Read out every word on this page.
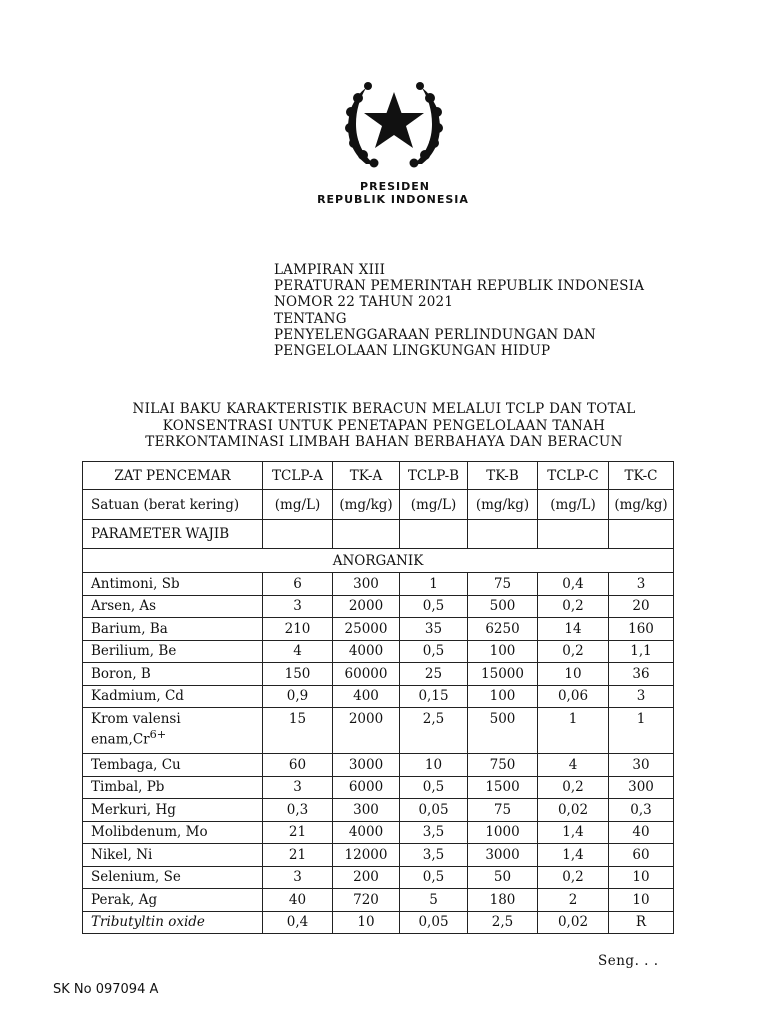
PRESIDEN
REPUBLIK INDONESIA
LAMPIRAN XIII
PERATURAN PEMERINTAH REPUBLIK INDONESIA
NOMOR 22 TAHUN 2021
TENTANG
PENYELENGGARAAN PERLINDUNGAN DAN
PENGELOLAAN LINGKUNGAN HIDUP
NILAI BAKU KARAKTERISTIK BERACUN MELALUI TCLP DAN TOTAL
KONSENTRASI UNTUK PENETAPAN PENGELOLAAN TANAH
TERKONTAMINASI LIMBAH BAHAN BERBAHAYA DAN BERACUN
ZAT PENCEMAR	TCLP-A	TK-A	TCLP-B	TK-B	TCLP-C	TK-C
Satuan (berat kering)	(mg/L)	(mg/kg)	(mg/L)	(mg/kg)	(mg/L)	(mg/kg)
PARAMETER WAJIB						
ANORGANIK						
Antimoni, Sb	6	300	1	75	0,4	3
Arsen, As	3	2000	0,5	500	0,2	20
Barium, Ba	210	25000	35	6250	14	160
Berilium, Be	4	4000	0,5	100	0,2	1,1
Boron, B	150	60000	25	15000	10	36
Kadmium, Cd	0,9	400	0,15	100	0,06	3
Krom valensi $enam,Cr^{6+}$	15	2000	2,5	500	1	1
Tembaga, Cu	60	3000	10	750	4	30
Timbal, Pb	3	6000	0,5	1500	0,2	300
Merkuri, Hg	0,3	300	0,05	75	0,02	0,3
Molibdenum, Mo	21	4000	3,5	1000	1,4	40
Nikel, Ni	21	12000	3,5	3000	1,4	60
Selenium, Se	3	200	0,5	50	0,2	10
Perak, Ag	40	720	5	180	2	10
Tributyltin oxide	0,4	10	0,05	2,5	0,02	R
Seng. . .
SK No 097094 A
